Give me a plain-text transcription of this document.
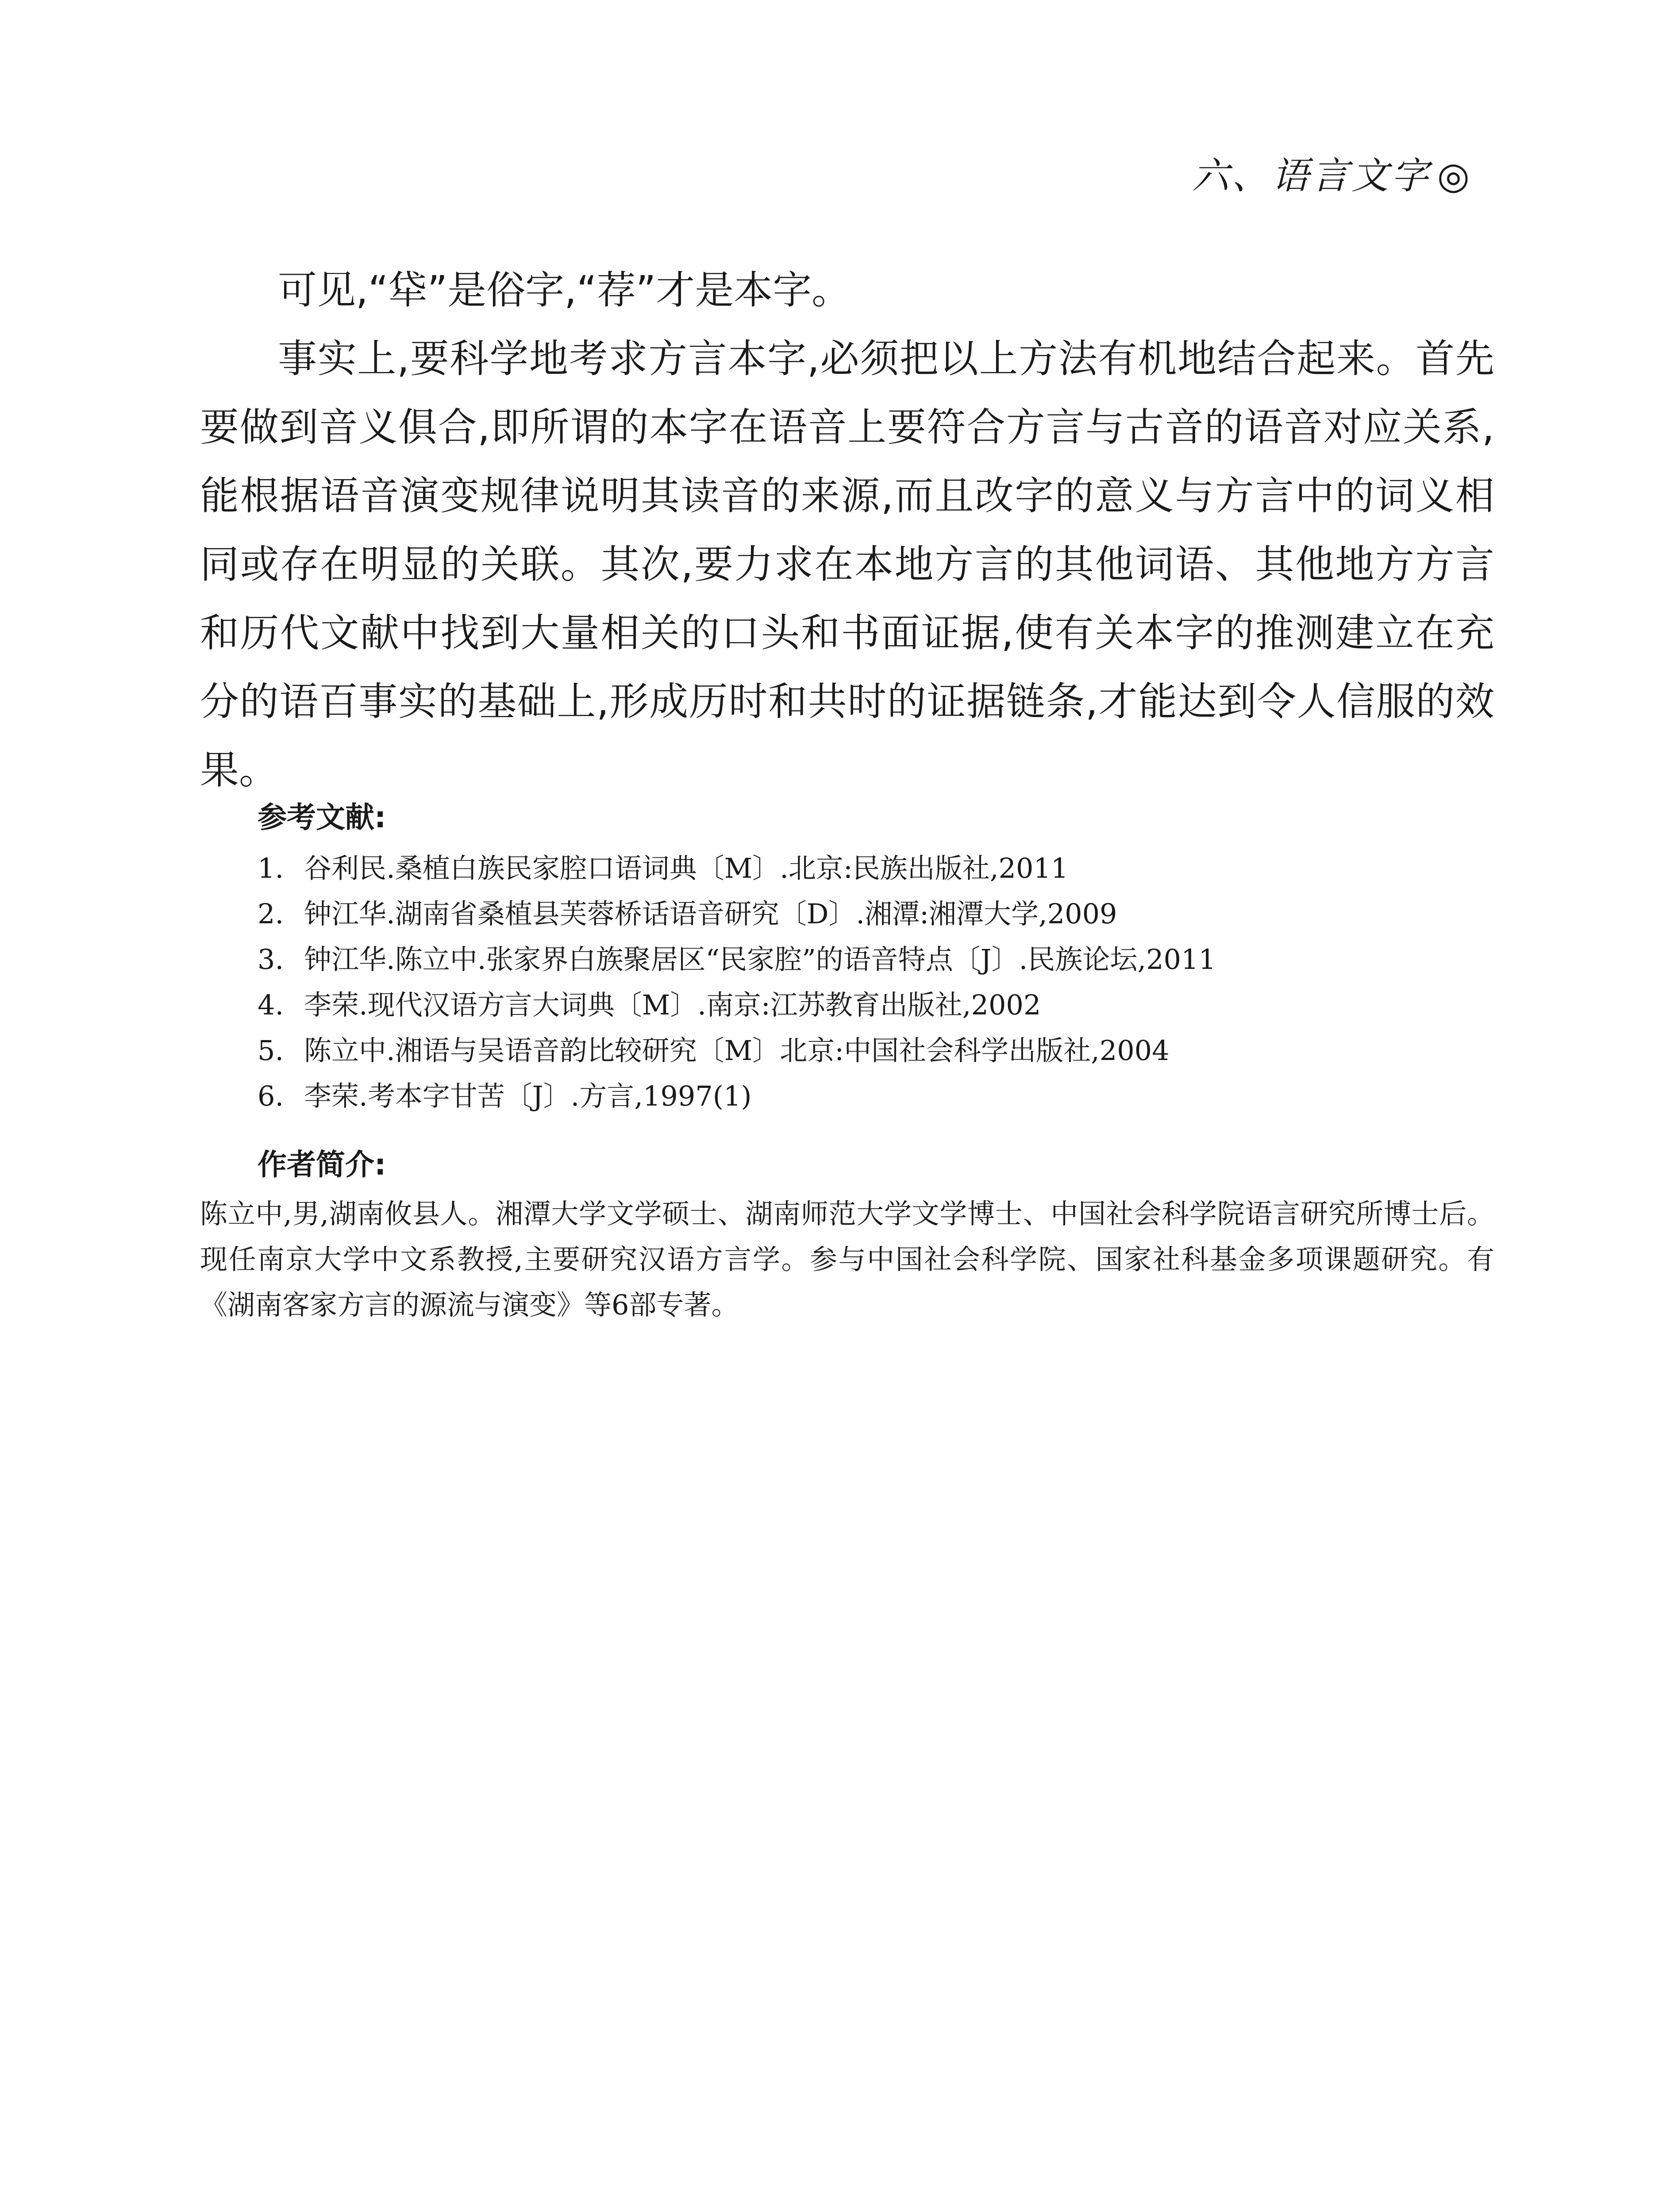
六、语言文字 ◎

可见,“牮”是俗字,“荐”才是本字。

事实上,要科学地考求方言本字,必须把以上方法有机地结合起来。首先要做到音义俱合,即所谓的本字在语音上要符合方言与古音的语音对应关系,能根据语音演变规律说明其读音的来源,而且改字的意义与方言中的词义相同或存在明显的关联。其次,要力求在本地方言的其他词语、其他地方方言和历代文献中找到大量相关的口头和书面证据,使有关本字的推测建立在充分的语百事实的基础上,形成历时和共时的证据链条,才能达到令人信服的效果。

参考文献:
1. 谷利民.桑植白族民家腔口语词典〔M〕.北京:民族出版社,2011
2. 钟江华.湖南省桑植县芙蓉桥话语音研究〔D〕.湘潭:湘潭大学,2009
3. 钟江华.陈立中.张家界白族聚居区“民家腔”的语音特点〔J〕.民族论坛,2011
4. 李荣.现代汉语方言大词典〔M〕.南京:江苏教育出版社,2002
5. 陈立中.湘语与吴语音韵比较研究〔M〕北京:中国社会科学出版社,2004
6. 李荣.考本字甘苦〔J〕.方言,1997(1)
作者简介:

陈立中,男,湖南攸县人。湘潭大学文学硕士、湖南师范大学文学博士、中国社会科学院语言研究所博士后。现任南京大学中文系教授,主要研究汉语方言学。参与中国社会科学院、国家社科基金多项课题研究。有《湖南客家方言的源流与演变》等6部专著。
